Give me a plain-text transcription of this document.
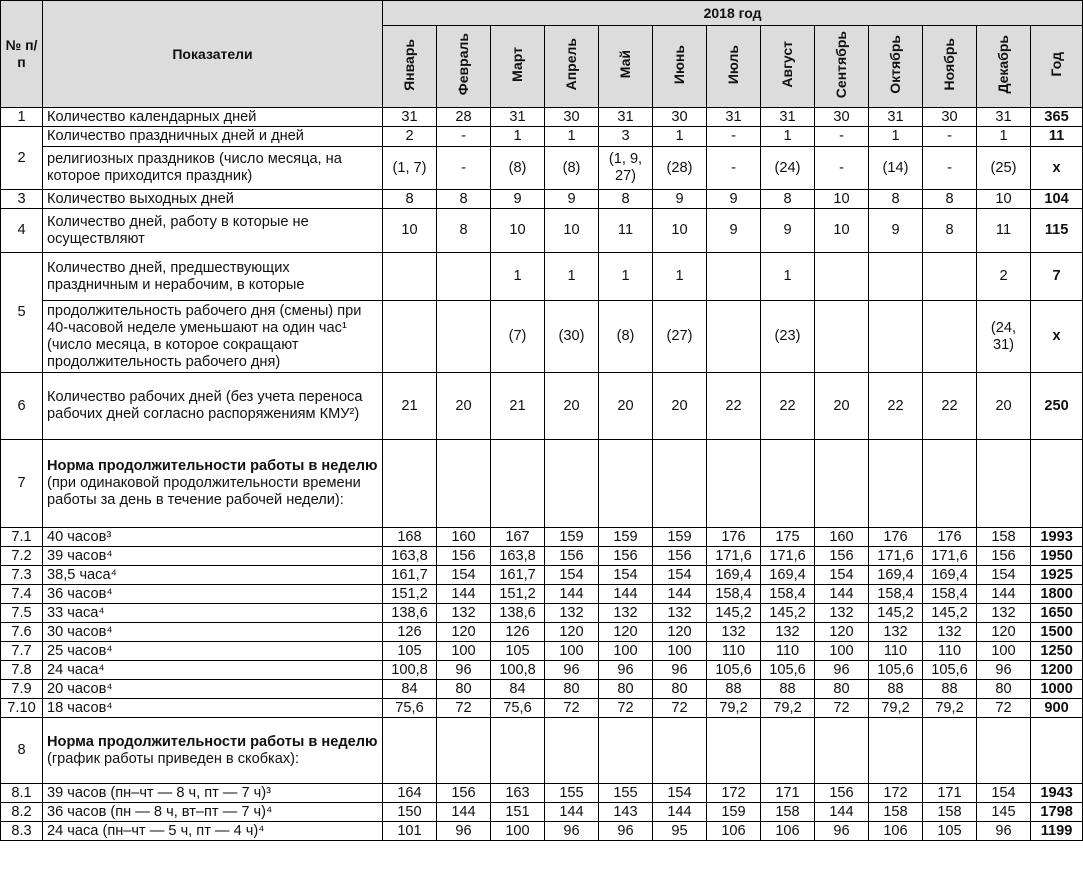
№ п/п	Показатели	2018 год												
		Январь	Февраль	Март	Апрель	Май	Июнь	Июль	Август	Сентябрь	Октябрь	Ноябрь	Декабрь	Год
1	Количество календарных дней	31	28	31	30	31	30	31	31	30	31	30	31	365
2	Количество праздничных дней и дней	2	-	1	1	3	1	-	1	-	1	-	1	11
	религиозных праздников (число месяца, на которое приходится праздник)	(1, 7)	-	(8)	(8)	(1, 9, 27)	(28)	-	(24)	-	(14)	-	(25)	х
3	Количество выходных дней	8	8	9	9	8	9	9	8	10	8	8	10	104
4	Количество дней, работу в которые не осуществляют	10	8	10	10	11	10	9	9	10	9	8	11	115
5	Количество дней, предшествующих праздничным и нерабочим, в которые			1	1	1	1		1				2	7
	продолжительность рабочего дня (смены) при 40-часовой неделе уменьшают на один час¹ (число месяца, в которое сокращают продолжительность рабочего дня)			(7)	(30)	(8)	(27)		(23)				(24, 31)	х
6	Количество рабочих дней (без учета переноса рабочих дней согласно распоряжениям КМУ²)	21	20	21	20	20	20	22	22	20	22	22	20	250
7	Норма продолжительности работы в неделю (при одинаковой продолжительности времени работы за день в течение рабочей недели):													
7.1	40 часов³	168	160	167	159	159	159	176	175	160	176	176	158	1993
7.2	39 часов⁴	163,8	156	163,8	156	156	156	171,6	171,6	156	171,6	171,6	156	1950
7.3	38,5 часа⁴	161,7	154	161,7	154	154	154	169,4	169,4	154	169,4	169,4	154	1925
7.4	36 часов⁴	151,2	144	151,2	144	144	144	158,4	158,4	144	158,4	158,4	144	1800
7.5	33 часа⁴	138,6	132	138,6	132	132	132	145,2	145,2	132	145,2	145,2	132	1650
7.6	30 часов⁴	126	120	126	120	120	120	132	132	120	132	132	120	1500
7.7	25 часов⁴	105	100	105	100	100	100	110	110	100	110	110	100	1250
7.8	24 часа⁴	100,8	96	100,8	96	96	96	105,6	105,6	96	105,6	105,6	96	1200
7.9	20 часов⁴	84	80	84	80	80	80	88	88	80	88	88	80	1000
7.10	18 часов⁴	75,6	72	75,6	72	72	72	79,2	79,2	72	79,2	79,2	72	900
8	Норма продолжительности работы в неделю (график работы приведен в скобках):													
8.1	39 часов (пн–чт — 8 ч, пт — 7 ч)³	164	156	163	155	155	154	172	171	156	172	171	154	1943
8.2	36 часов (пн — 8 ч, вт–пт — 7 ч)⁴	150	144	151	144	143	144	159	158	144	158	158	145	1798
8.3	24 часа (пн–чт — 5 ч, пт — 4 ч)⁴	101	96	100	96	96	95	106	106	96	106	105	96	1199
